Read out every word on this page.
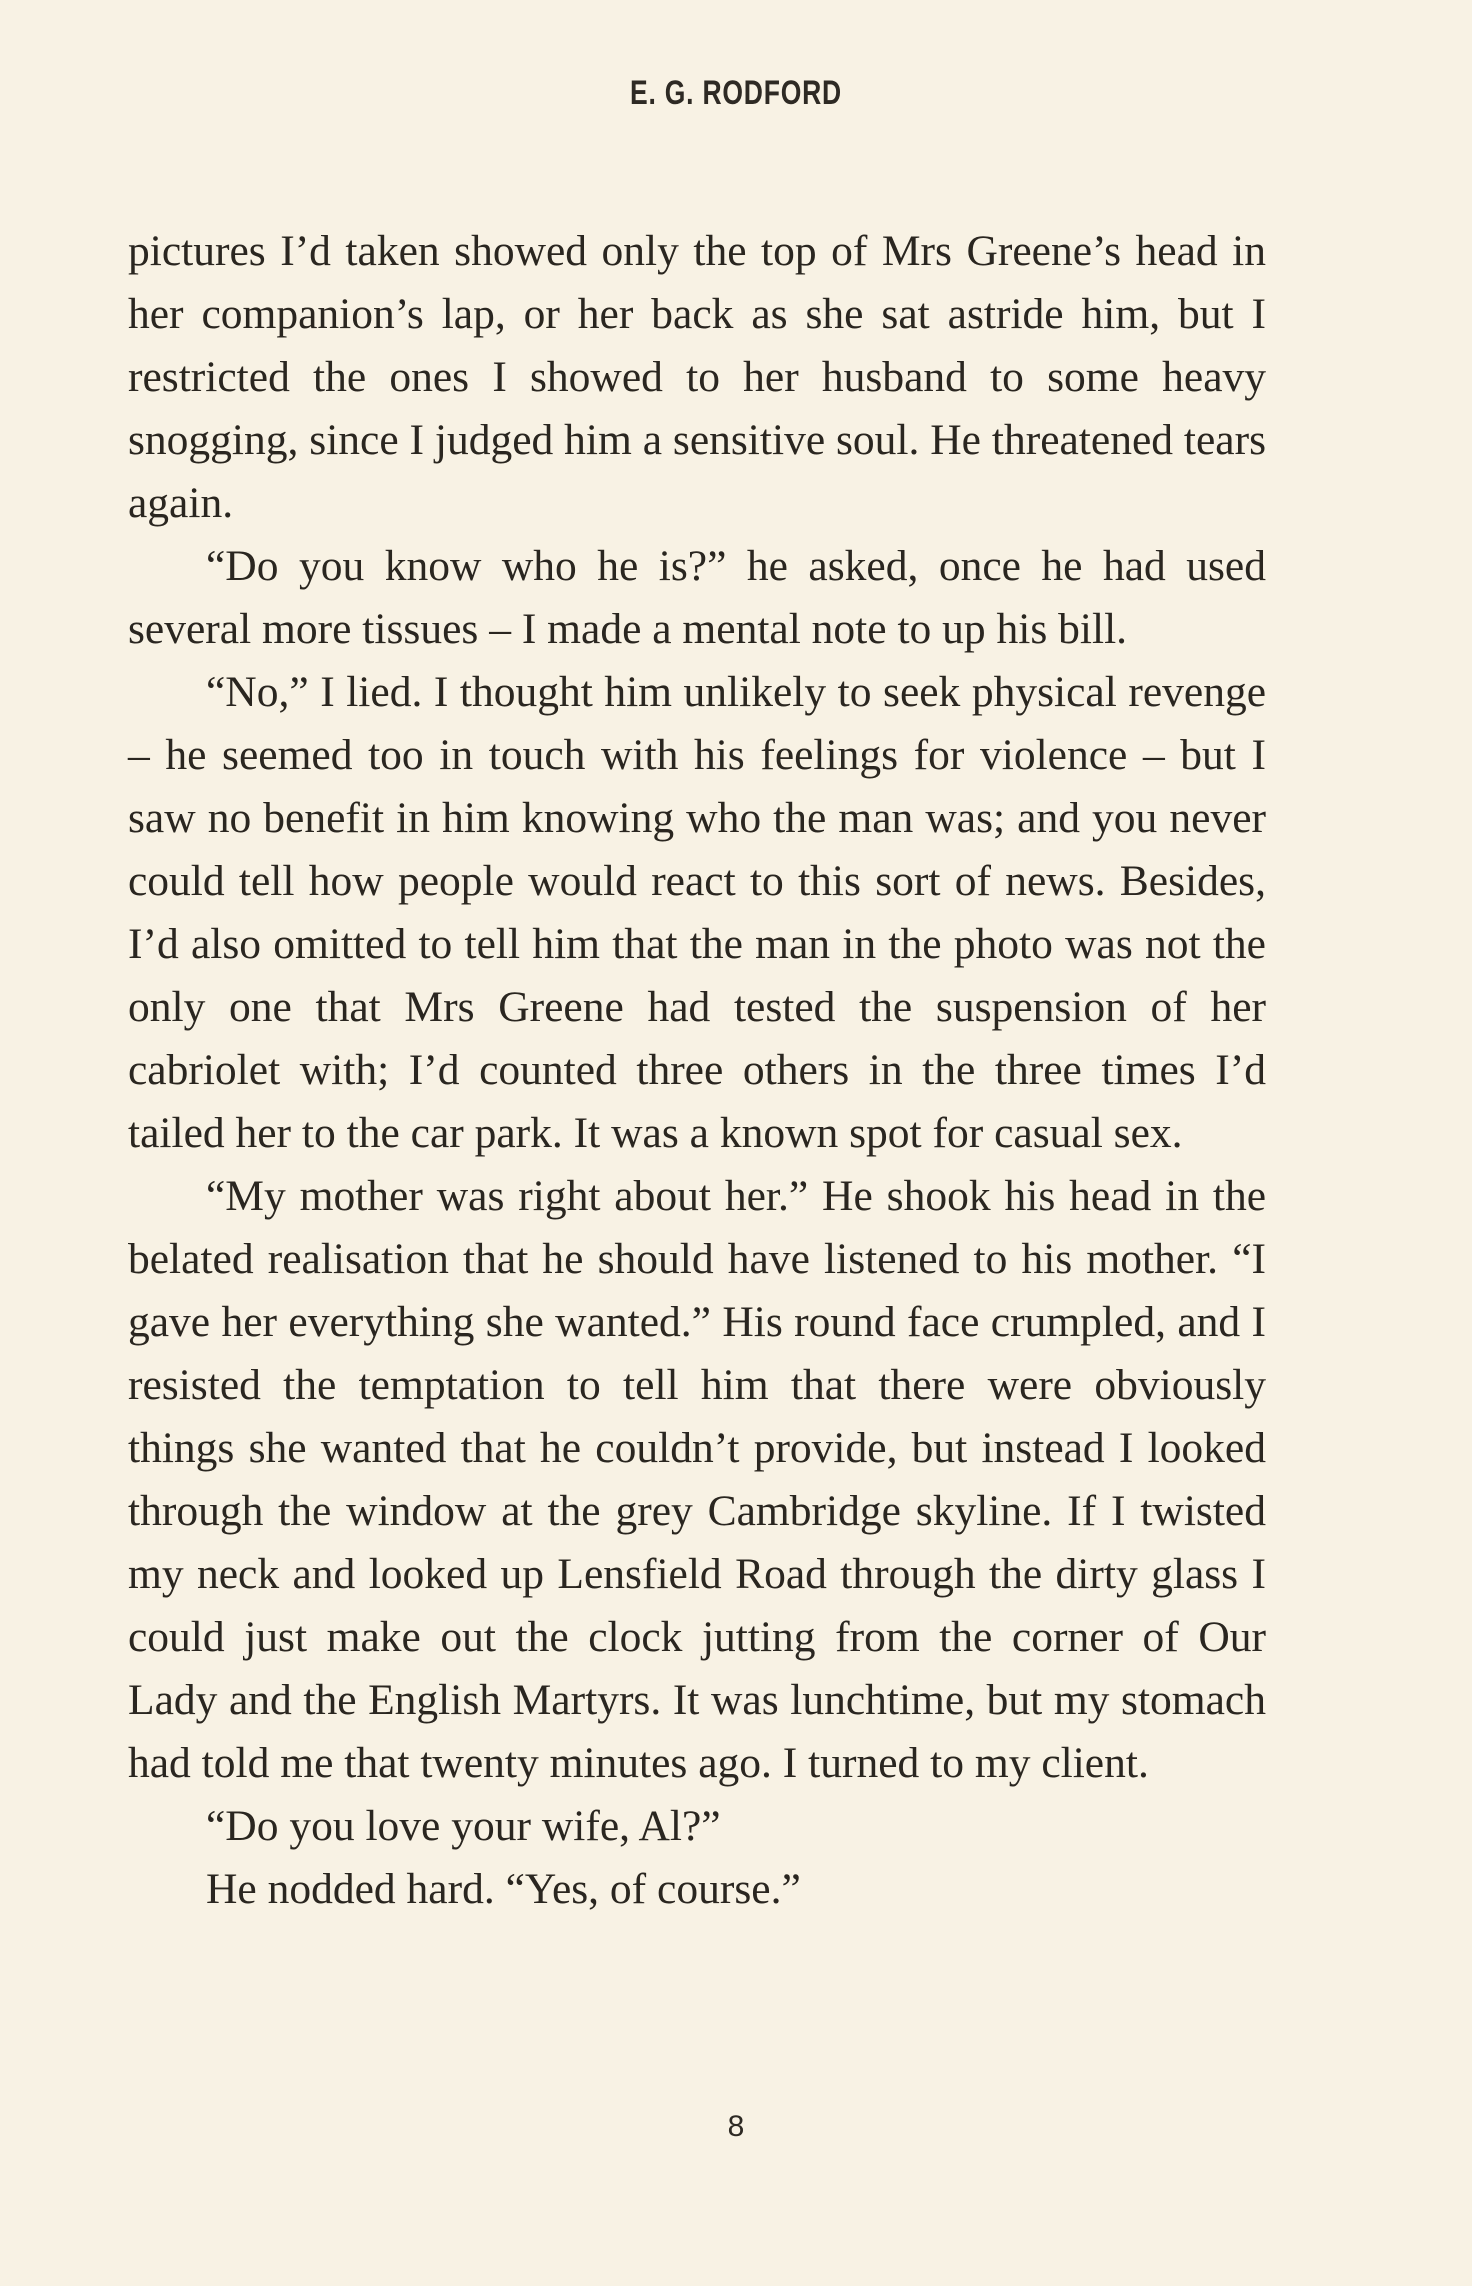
E. G. RODFORD

pictures I’d taken showed only the top of Mrs Greene’s head in her companion’s lap, or her back as she sat astride him, but I restricted the ones I showed to her husband to some heavy snogging, since I judged him a sensitive soul. He threatened tears again.

“Do you know who he is?” he asked, once he had used several more tissues – I made a mental note to up his bill.

“No,” I lied. I thought him unlikely to seek physical revenge – he seemed too in touch with his feelings for violence – but I saw no benefit in him knowing who the man was; and you never could tell how people would react to this sort of news. Besides, I’d also omitted to tell him that the man in the photo was not the only one that Mrs Greene had tested the suspension of her cabriolet with; I’d counted three others in the three times I’d tailed her to the car park. It was a known spot for casual sex.

“My mother was right about her.” He shook his head in the belated realisation that he should have listened to his mother. “I gave her everything she wanted.” His round face crumpled, and I resisted the temptation to tell him that there were obviously things she wanted that he couldn’t provide, but instead I looked through the window at the grey Cambridge skyline. If I twisted my neck and looked up Lensfield Road through the dirty glass I could just make out the clock jutting from the corner of Our Lady and the English Martyrs. It was lunchtime, but my stomach had told me that twenty minutes ago. I turned to my client.

“Do you love your wife, Al?”

He nodded hard. “Yes, of course.”

8
